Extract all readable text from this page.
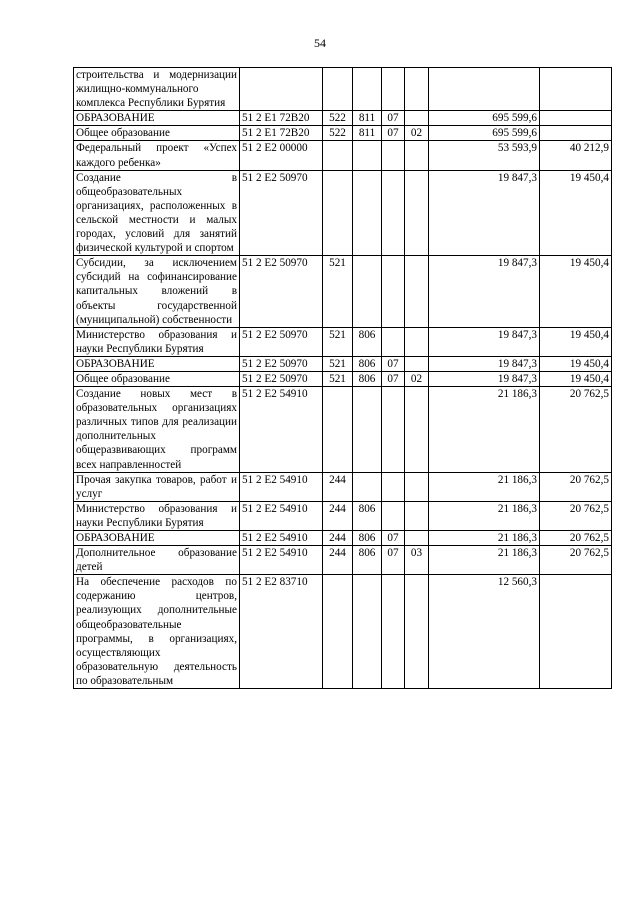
54
строительства и модернизации жилищно-коммунального комплекса Республики Бурятия							
ОБРАЗОВАНИЕ	51 2 E1 72B20	522	811	07		695 599,6	
Общее образование	51 2 E1 72B20	522	811	07	02	695 599,6	
Федеральный проект «Успех каждого ребенка»	51 2 E2 00000					53 593,9	40 212,9
Создание в общеобразовательных организациях, расположенных в сельской местности и малых городах, условий для занятий физической культурой и спортом	51 2 E2 50970					19 847,3	19 450,4
Субсидии, за исключением субсидий на софинансирование капитальных вложений в объекты государственной (муниципальной) собственности	51 2 E2 50970	521				19 847,3	19 450,4
Министерство образования и науки Республики Бурятия	51 2 E2 50970	521	806			19 847,3	19 450,4
ОБРАЗОВАНИЕ	51 2 E2 50970	521	806	07		19 847,3	19 450,4
Общее образование	51 2 E2 50970	521	806	07	02	19 847,3	19 450,4
Создание новых мест в образовательных организациях различных типов для реализации дополнительных общеразвивающих программ всех направленностей	51 2 E2 54910					21 186,3	20 762,5
Прочая закупка товаров, работ и услуг	51 2 E2 54910	244				21 186,3	20 762,5
Министерство образования и науки Республики Бурятия	51 2 E2 54910	244	806			21 186,3	20 762,5
ОБРАЗОВАНИЕ	51 2 E2 54910	244	806	07		21 186,3	20 762,5
Дополнительное образование детей	51 2 E2 54910	244	806	07	03	21 186,3	20 762,5
На обеспечение расходов по содержанию центров, реализующих дополнительные общеобразовательные программы, в организациях, осуществляющих образовательную деятельность по образовательным	51 2 E2 83710					12 560,3	
